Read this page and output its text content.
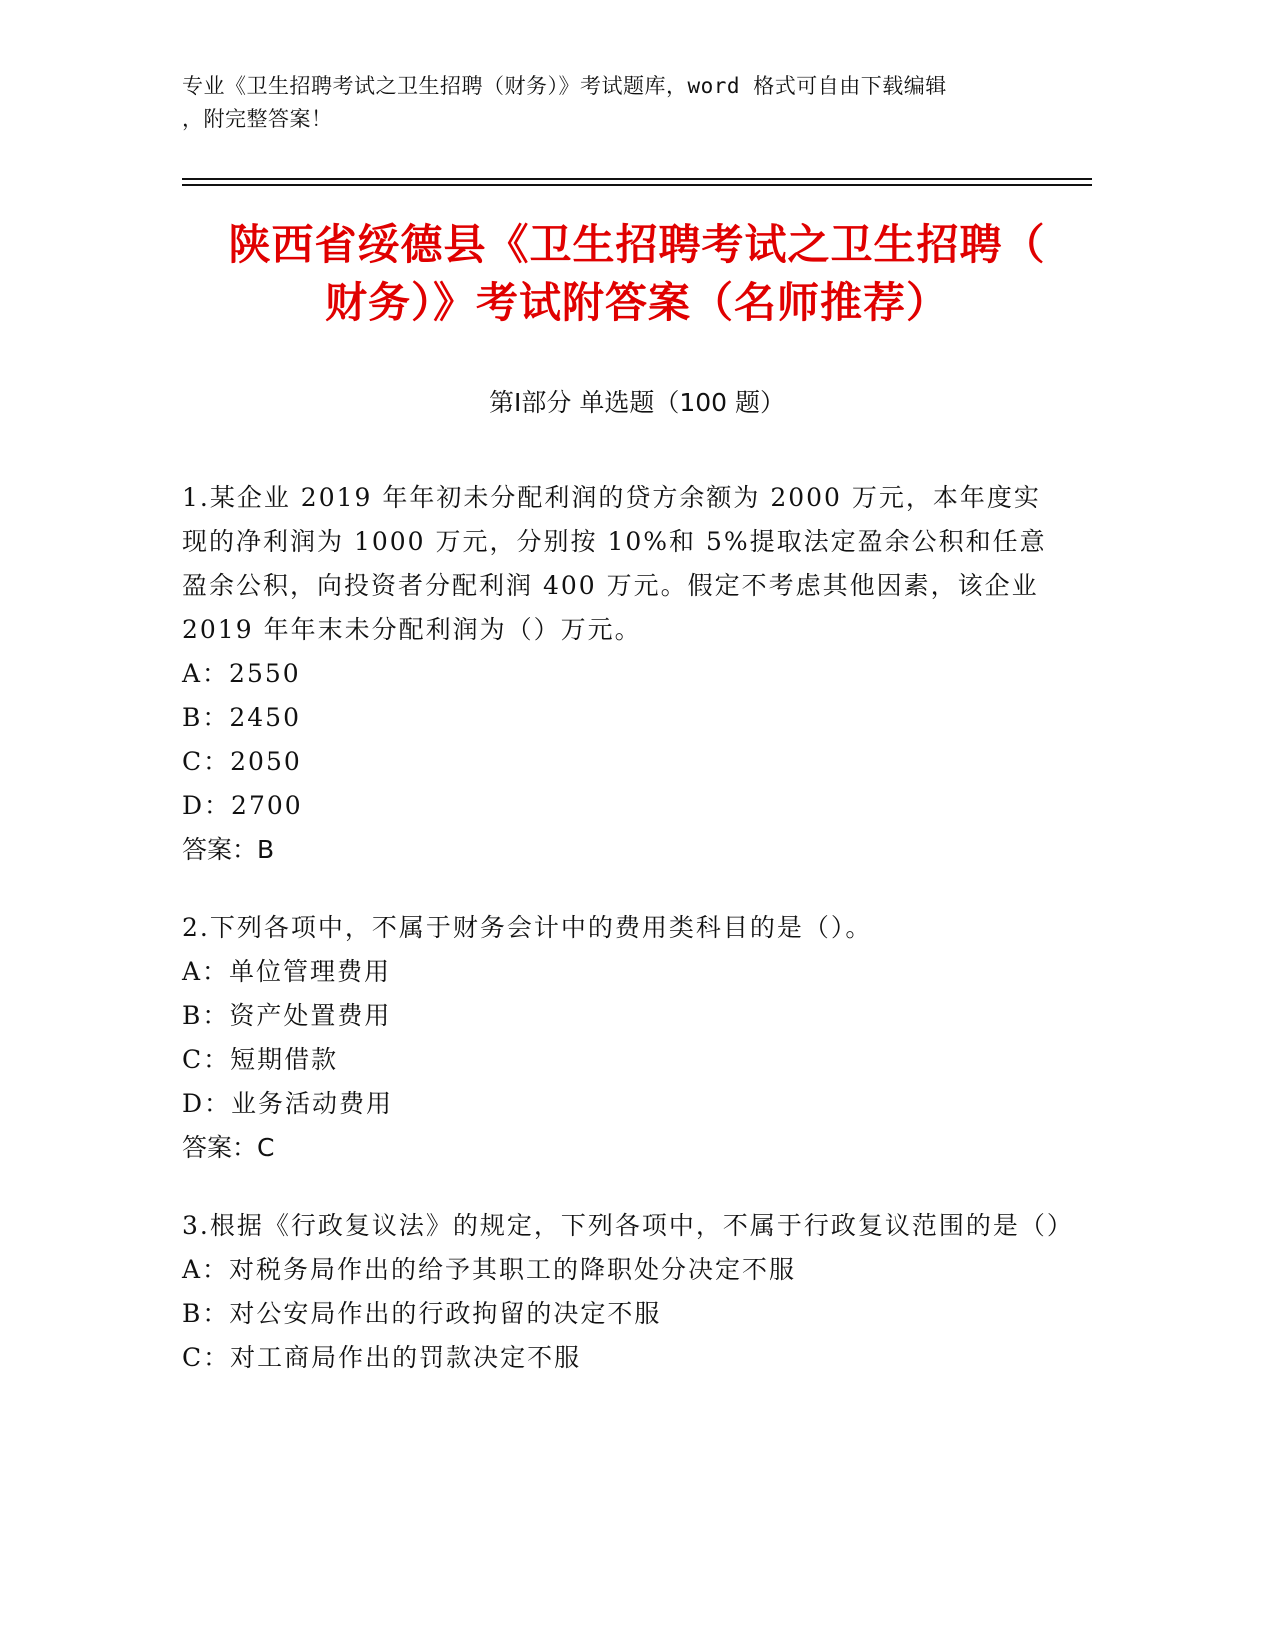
专业《卫生招聘考试之卫生招聘（财务）》考试题库，word 格式可自由下载编辑
，附完整答案！
陕西省绥德县《卫生招聘考试之卫生招聘（
财务）》考试附答案（名师推荐）
第Ⅰ部分 单选题（100 题）
1.某企业 2019 年年初未分配利润的贷方余额为 2000 万元，本年度实现的净利润为 1000 万元，分别按 10%和 5%提取法定盈余公积和任意盈余公积，向投资者分配利润 400 万元。假定不考虑其他因素，该企业 2019 年年末未分配利润为（）万元。
A：2550
B：2450
C：2050
D：2700
答案：B
2.下列各项中，不属于财务会计中的费用类科目的是（）。
A：单位管理费用
B：资产处置费用
C：短期借款
D：业务活动费用
答案：C
3.根据《行政复议法》的规定，下列各项中，不属于行政复议范围的是（）
A：对税务局作出的给予其职工的降职处分决定不服
B：对公安局作出的行政拘留的决定不服
C：对工商局作出的罚款决定不服
